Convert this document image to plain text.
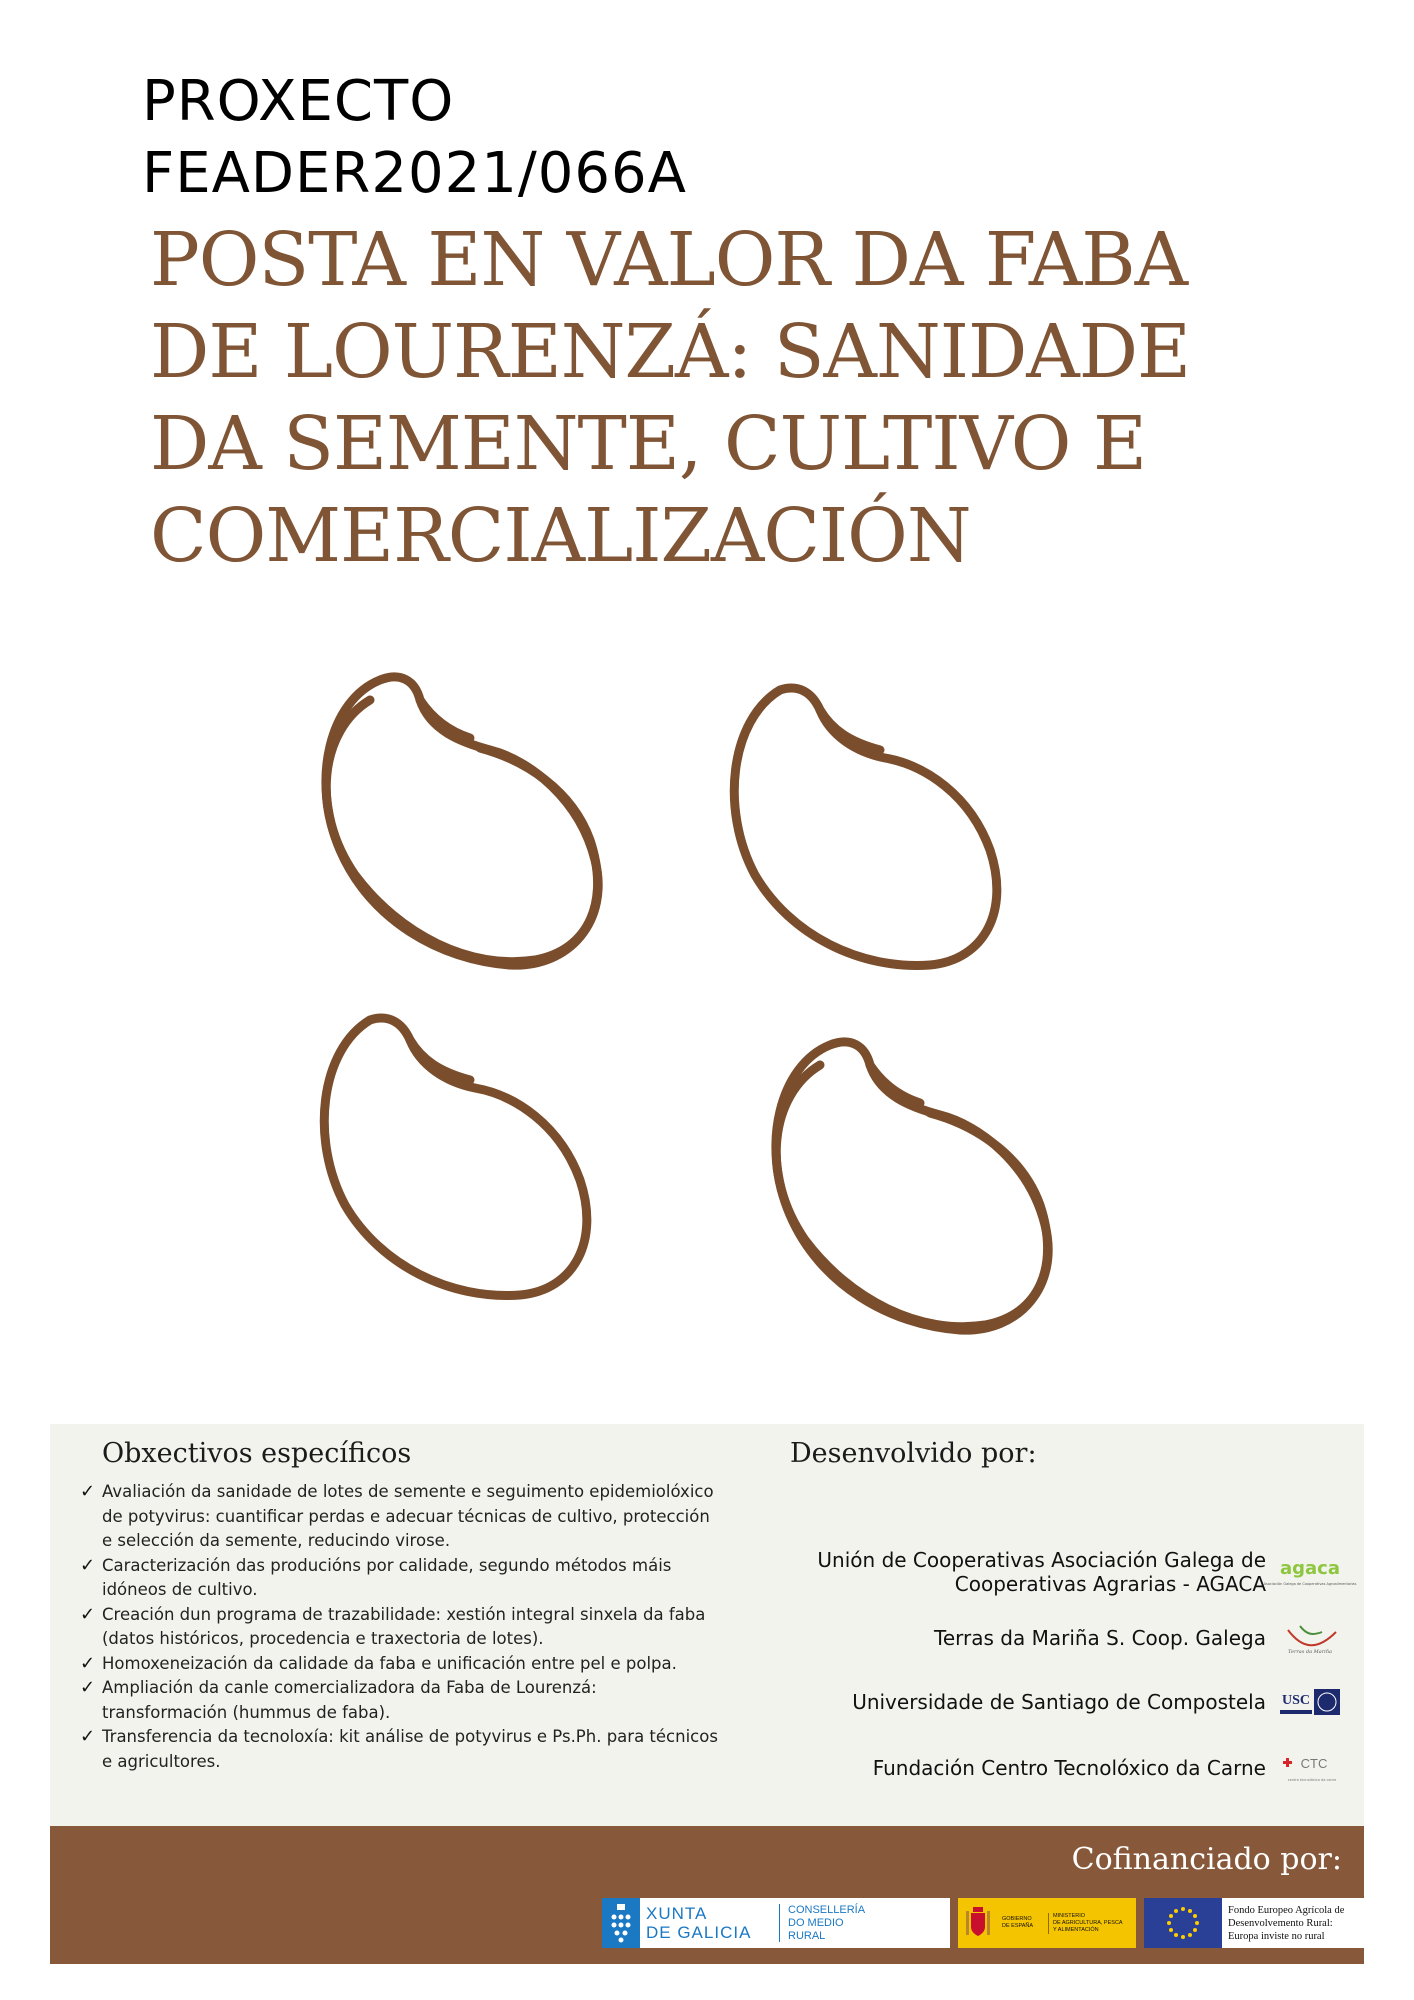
PROXECTO
FEADER2021/066A
POSTA EN VALOR DA FABA DE LOURENZÁ: SANIDADE DA SEMENTE, CULTIVO E COMERCIALIZACIÓN
Obxectivos específicos
✓ Avaliación da sanidade de lotes de semente e seguimento epidemiolóxico de potyvirus: cuantificar perdas e adecuar técnicas de cultivo, protección e selección da semente, reducindo virose.
✓ Caracterización das producións por calidade, segundo métodos máis idóneos de cultivo.
✓ Creación dun programa de trazabilidade: xestión integral sinxela da faba (datos históricos, procedencia e traxectoria de lotes).
✓ Homoxeneización da calidade da faba e unificación entre pel e polpa.
✓ Ampliación da canle comercializadora da Faba de Lourenzá: transformación (hummus de faba).
✓ Transferencia da tecnoloxía: kit análise de potyvirus e Ps.Ph. para técnicos e agricultores.
Desenvolvido por:
Unión de Cooperativas Asociación Galega de Cooperativas Agrarias - AGACA
agaca
Asociación Galega de Cooperativas Agroalimentarias
Terras da Mariña S. Coop. Galega
Terras da Mariña
Universidade de Santiago de Compostela USC
Fundación Centro Tecnolóxico da Carne	CTC
centro tecnolóxico da carne
Cofinanciado por:
XUNTA
DE GALICIA
CONSELLERÍA
DO MEDIO
RURAL
GOBIERNO
DE ESPAÑA
MINISTERIO
DE AGRICULTURA, PESCA
Y ALIMENTACIÓN
Fondo Europeo Agrícola de
Desenvolvemento Rural:
Europa inviste no rural
